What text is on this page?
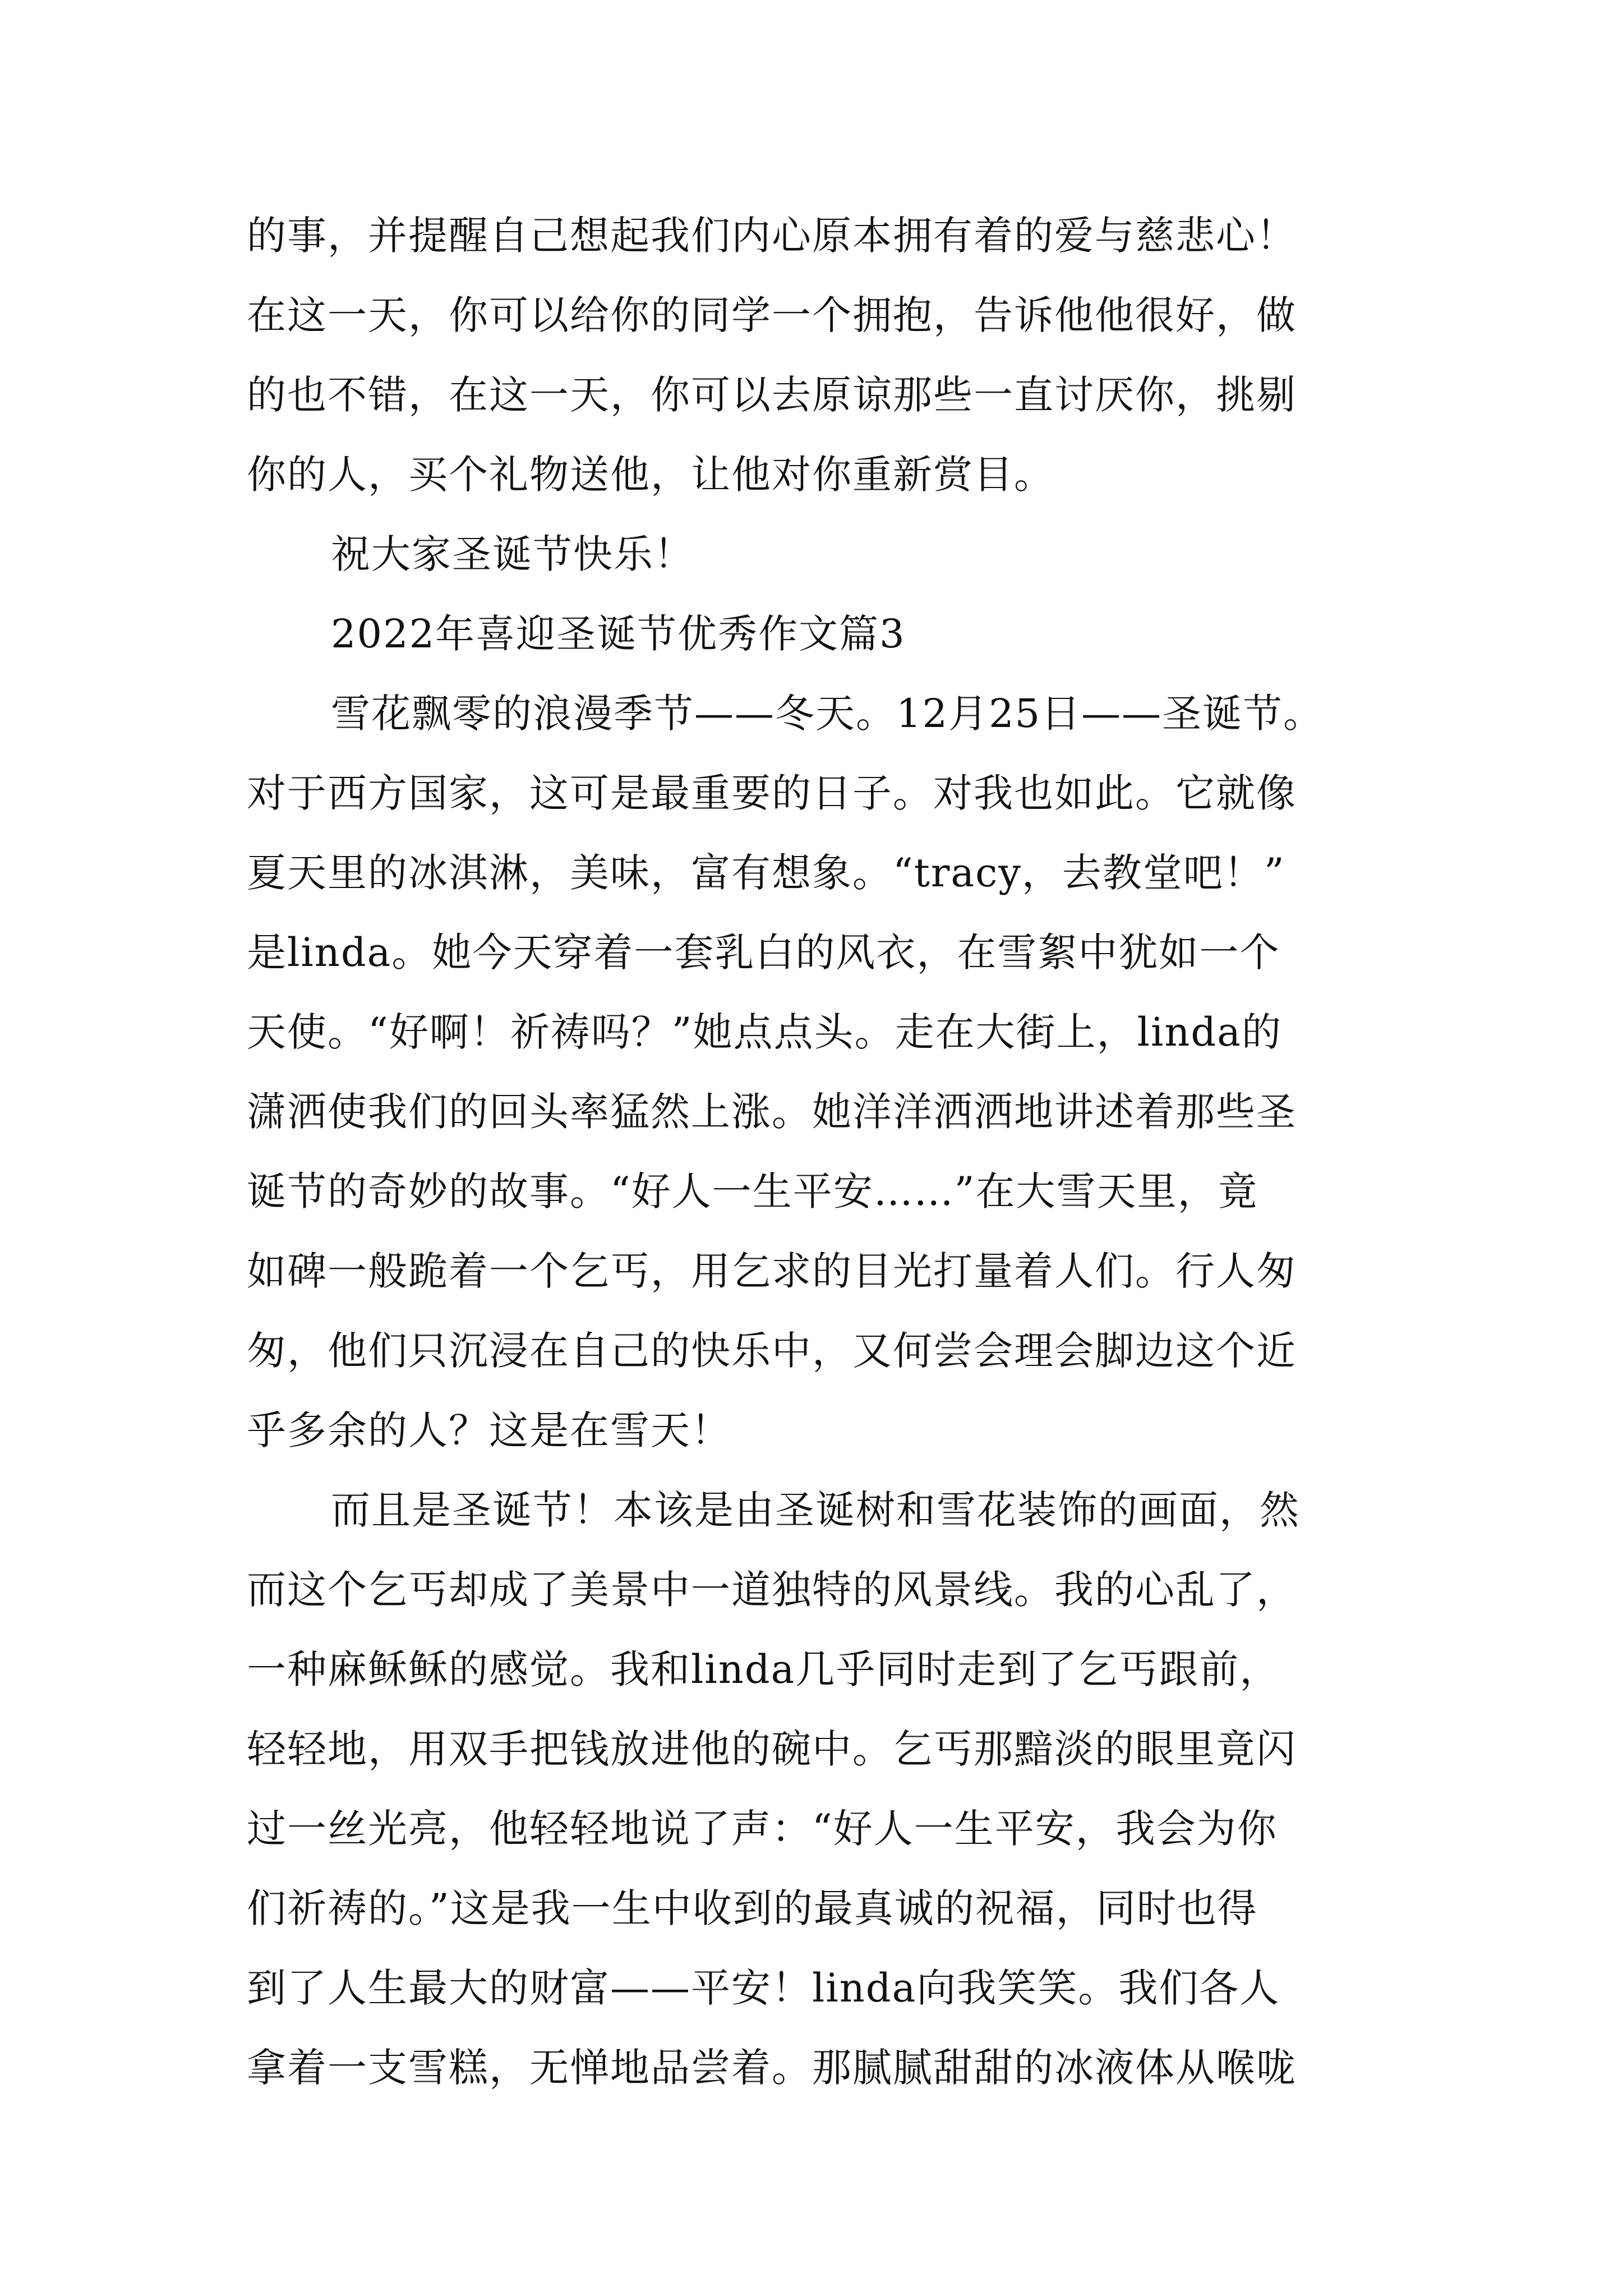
的事，并提醒自己想起我们内心原本拥有着的爱与慈悲心！
在这一天，你可以给你的同学一个拥抱，告诉他他很好，做
的也不错，在这一天，你可以去原谅那些一直讨厌你，挑剔
你的人，买个礼物送他，让他对你重新赏目。
祝大家圣诞节快乐！
2022年喜迎圣诞节优秀作文篇3
雪花飘零的浪漫季节——冬天。12月25日——圣诞节。
对于西方国家，这可是最重要的日子。对我也如此。它就像
夏天里的冰淇淋，美味，富有想象。“tracy，去教堂吧！”
是linda。她今天穿着一套乳白的风衣，在雪絮中犹如一个
天使。“好啊！祈祷吗？”她点点头。走在大街上，linda的
潇洒使我们的回头率猛然上涨。她洋洋洒洒地讲述着那些圣
诞节的奇妙的故事。“好人一生平安……”在大雪天里，竟
如碑一般跪着一个乞丐，用乞求的目光打量着人们。行人匆
匆，他们只沉浸在自己的快乐中，又何尝会理会脚边这个近
乎多余的人？这是在雪天！
而且是圣诞节！本该是由圣诞树和雪花装饰的画面，然
而这个乞丐却成了美景中一道独特的风景线。我的心乱了，
一种麻稣稣的感觉。我和linda几乎同时走到了乞丐跟前，
轻轻地，用双手把钱放进他的碗中。乞丐那黯淡的眼里竟闪
过一丝光亮，他轻轻地说了声：“好人一生平安，我会为你
们祈祷的。”这是我一生中收到的最真诚的祝福，同时也得
到了人生最大的财富——平安！linda向我笑笑。我们各人
拿着一支雪糕，无惮地品尝着。那腻腻甜甜的冰液体从喉咙
